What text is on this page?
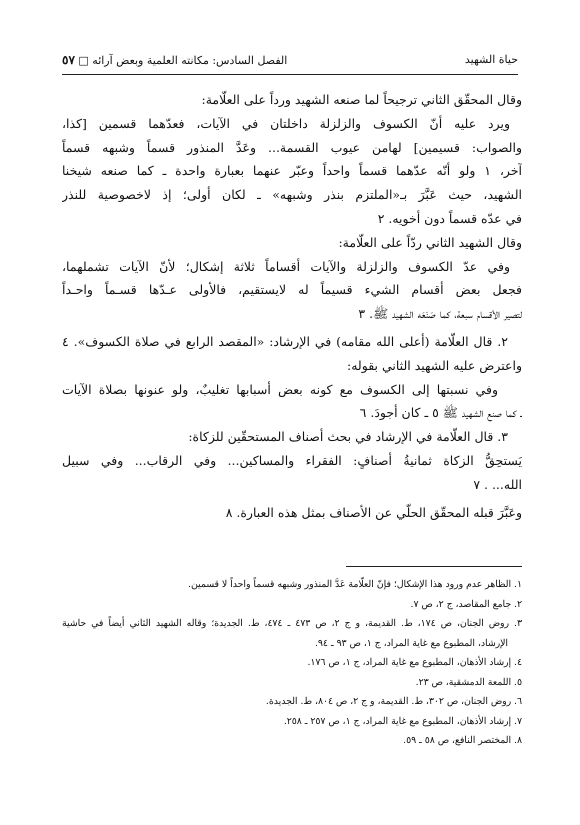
حياة الشهيد
الفصل السادس: مكانته العلمية وبعض آرائه □ ٥٧
وقال المحقّق الثاني ترجيحاً لما صنعه الشهيد ورداً على العلّامة:
ويرد عليه أنّ الكسوف والزلزلة داخلتان في الآيات، فعدّهما قسمين [كذا،
والصواب: قسيمين] لهامن عيوب القسمة... وعَدَّ المنذور قسماً وشبهه قسماً
آخر، ١ ولو أنّه عدّهما قسماً واحداً وعبّر عنهما بعبارة واحدة ـ كما صنعه شيخنا
الشهيد، حيث عَبَّرَ بـ«الملتزم بنذر وشبهه» ـ لكان أولى؛ إذ لاخصوصية للنذر
في عدّه قسماً دون أخويه. ٢
وقال الشهيد الثاني ردّاً على العلّامة:
وفي عدّ الكسوف والزلزلة والآيات أقساماً ثلاثة إشكال؛ لأنّ الآيات تشملهما،
فجعل بعض أقسام الشيء قسيماً له لايستقيم، فالأولى عـدّها قسـماً واحـداً
لتصير الأقسام سبعة، كما صَنَعَه الشهيد ﷺ. ٣
٢. قال العلّامة (أعلى الله مقامه) في الإرشاد: «المقصد الرابع في صلاة الكسوف». ٤
واعترض عليه الشهيد الثاني بقوله:
وفي نسبتها إلى الكسوف مع كونه بعض أسبابها تغليبٌ، ولو عنونها بصلاة الآيات
ـ كما صنع الشهيد ﷺ ٥ ـ كان أجودَ. ٦
٣. قال العلّامة في الإرشاد في بحث أصناف المستحقّين للزكاة:
يَستحِقُّ الزكاة ثمانيةُ أصنافٍ: الفقراء والمساكين... وفي الرقاب... وفي سبيل
الله... . ٧
وعَبَّرَ قبله المحقّق الحلّي عن الأصناف بمثل هذه العبارة. ٨
١. الظاهر عدم ورود هذا الإشكال؛ فإنّ العلّامة عَدَّ المنذور وشبهه قسماً واحداً لا قسمين.
٢. جامع المقاصد، ج ٢، ص ٧.
٣. روض الجنان، ص ١٧٤، ط. القديمة، و ج ٢، ص ٤٧٣ ـ ٤٧٤، ط. الجديدة؛ وقاله الشهيد الثاني أيضاً في حاشية
الإرشاد، المطبوع مع غاية المراد، ج ١، ص ٩٣ ـ ٩٤.
٤. إرشاد الأذهان، المطبوع مع غاية المراد، ج ١، ص ١٧٦.
٥. اللمعة الدمشقية، ص ٢٣.
٦. روض الجنان، ص ٣٠٢، ط. القديمة، و ج ٢، ص ٨٠٤، ط. الجديدة.
٧. إرشاد الأذهان، المطبوع مع غاية المراد، ج ١، ص ٢٥٧ ـ ٢٥٨.
٨. المختصر النافع، ص ٥٨ ـ ٥٩.
